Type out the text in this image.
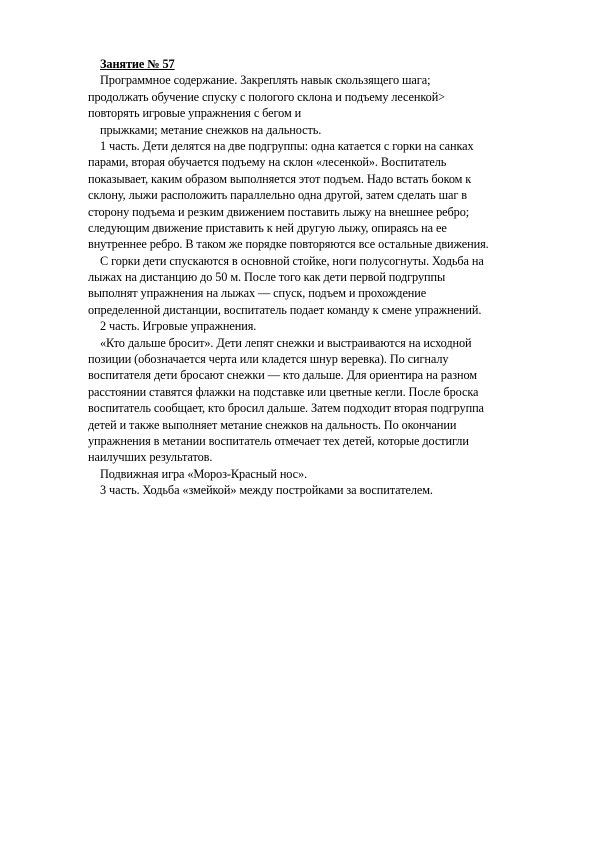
Занятие № 57
Программное содержание. Закреплять навык скользящего шага;
продолжать обучение спуску с пологого склона и подъему лесенкой>
повторять игровые упражнения с бегом и
прыжками; метание снежков на дальность.
1 часть. Дети делятся на две подгруппы: одна катается с горки на санках
парами, вторая обучается подъему на склон «лесенкой». Воспитатель
показывает, каким образом выполняется этот подъем. Надо встать боком к
склону, лыжи расположить параллельно одна другой, затем сделать шаг в
сторону подъема и резким движением поставить лыжу на внешнее ребро;
следующим движение приставить к ней другую лыжу, опираясь на ее
внутреннее ребро. В таком же порядке повторяются все остальные движения.
С горки дети спускаются в основной стойке, ноги полусогнуты. Ходьба на
лыжах на дистанцию до 50 м. После того как дети первой подгруппы
выполнят упражнения на лыжах — спуск, подъем и прохождение
определенной дистанции, воспитатель подает команду к смене упражнений.
2 часть. Игровые упражнения.
«Кто дальше бросит». Дети лепят снежки и выстраиваются на исходной
позиции (обозначается черта или кладется шнур веревка). По сигналу
воспитателя дети бросают снежки — кто дальше. Для ориентира на разном
расстоянии ставятся флажки на подставке или цветные кегли. После броска
воспитатель сообщает, кто бросил дальше. Затем подходит вторая подгруппа
детей и также выполняет метание снежков на дальность. По окончании
упражнения в метании воспитатель отмечает тех детей, которые достигли
наилучших результатов.
Подвижная игра «Мороз-Красный нос».
3 часть. Ходьба «змейкой» между постройками за воспитателем.
